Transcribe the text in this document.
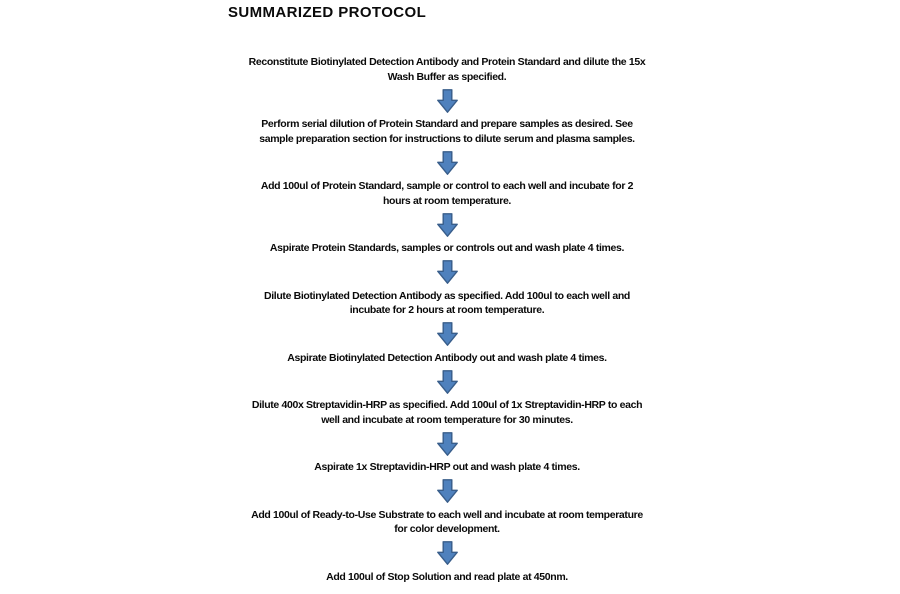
SUMMARIZED PROTOCOL
Reconstitute Biotinylated Detection Antibody and Protein Standard and dilute the 15x
Wash Buffer as specified.
Perform serial dilution of Protein Standard and prepare samples as desired. See
sample preparation section for instructions to dilute serum and plasma samples.
Add 100ul of Protein Standard, sample or control to each well and incubate for 2
hours at room temperature.
Aspirate Protein Standards, samples or controls out and wash plate 4 times.
Dilute Biotinylated Detection Antibody as specified. Add 100ul to each well and
incubate for 2 hours at room temperature.
Aspirate Biotinylated Detection Antibody out and wash plate 4 times.
Dilute 400x Streptavidin-HRP as specified. Add 100ul of 1x Streptavidin-HRP to each
well and incubate at room temperature for 30 minutes.
Aspirate 1x Streptavidin-HRP out and wash plate 4 times.
Add 100ul of Ready-to-Use Substrate to each well and incubate at room temperature
for color development.
Add 100ul of Stop Solution and read plate at 450nm.
